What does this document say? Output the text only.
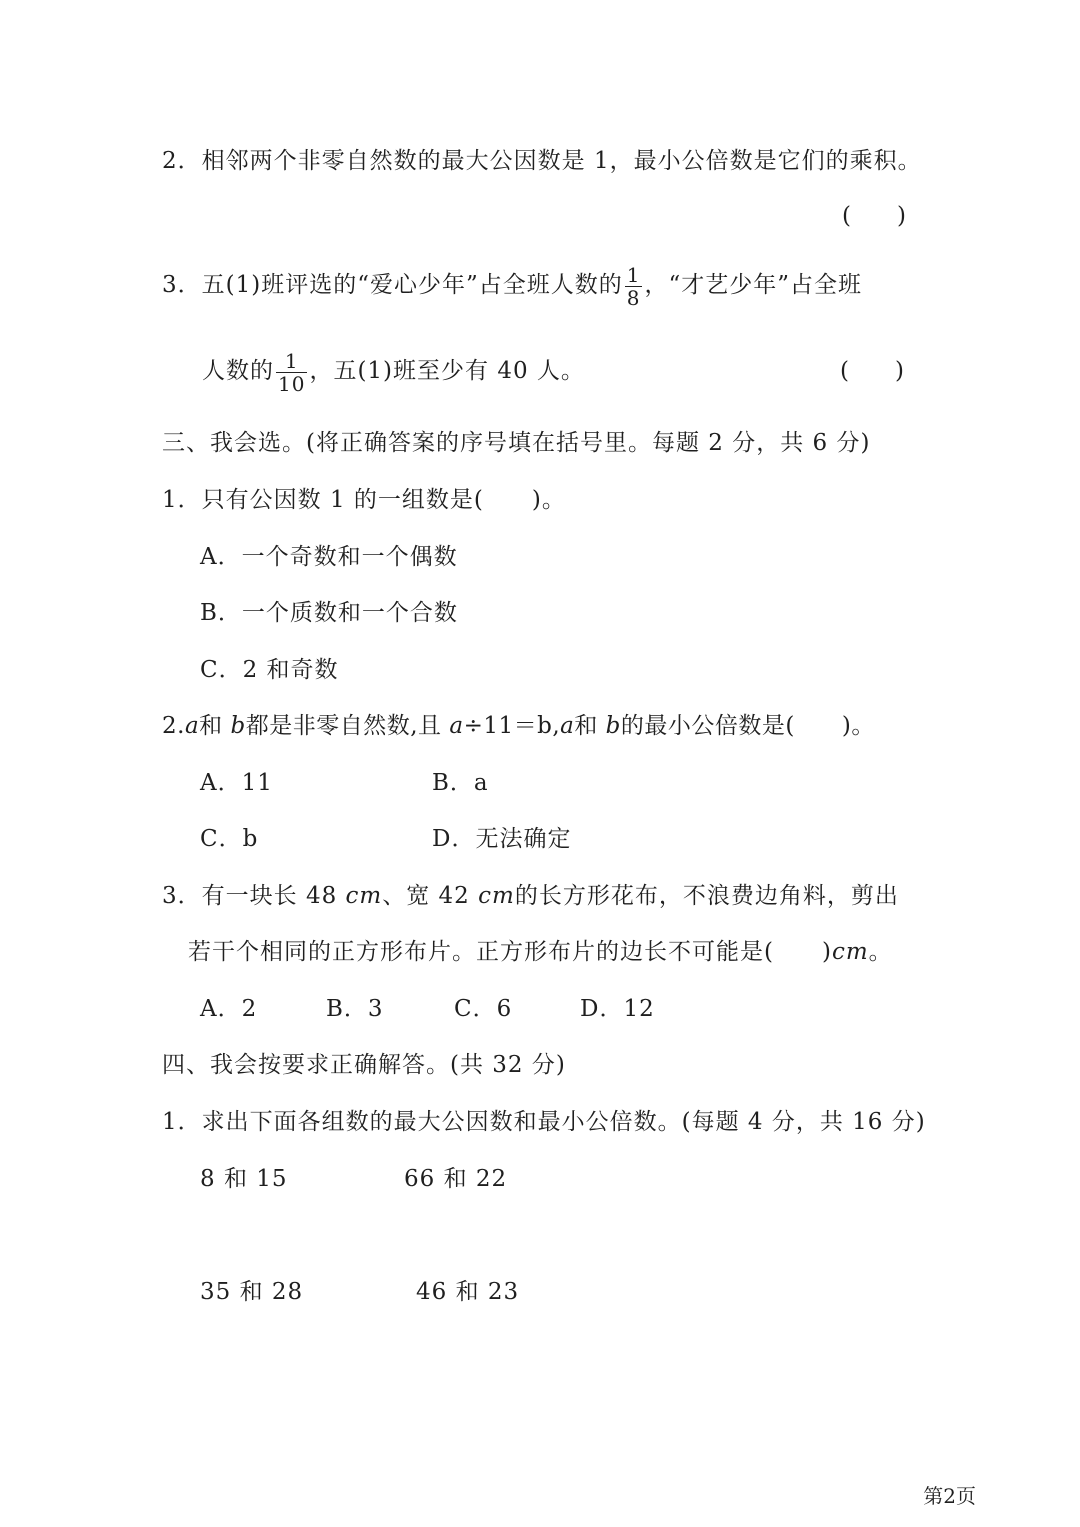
2．相邻两个非零自然数的最大公因数是 1，最小公倍数是它们的乘积。
(　　)
3．五(1)班评选的“爱心少年”占全班人数的 $\frac{1}{8}$ ，“才艺少年”占全班
人数的 $\frac{1}{10}$ ，五(1)班至少有 40 人。	(　　)
三、我会选。(将正确答案的序号填在括号里。每题 2 分，共 6 分)
1．只有公因数 1 的一组数是(　　)。
A．一个奇数和一个偶数
B．一个质数和一个合数
C．2 和奇数
2.a和 b都是非零自然数,且 a÷11＝b,a和 b的最小公倍数是(　　)。
A．11	B．a
C．b	D．无法确定
3．有一块长 48 cm、宽 42 cm的长方形花布，不浪费边角料，剪出
若干个相同的正方形布片。正方形布片的边长不可能是(　　)cm。
A．2	B．3	C．6	D．12
四、我会按要求正确解答。(共 32 分)
1．求出下面各组数的最大公因数和最小公倍数。(每题 4 分，共 16 分)
8 和 15	66 和 22
35 和 28	46 和 23
第2页
